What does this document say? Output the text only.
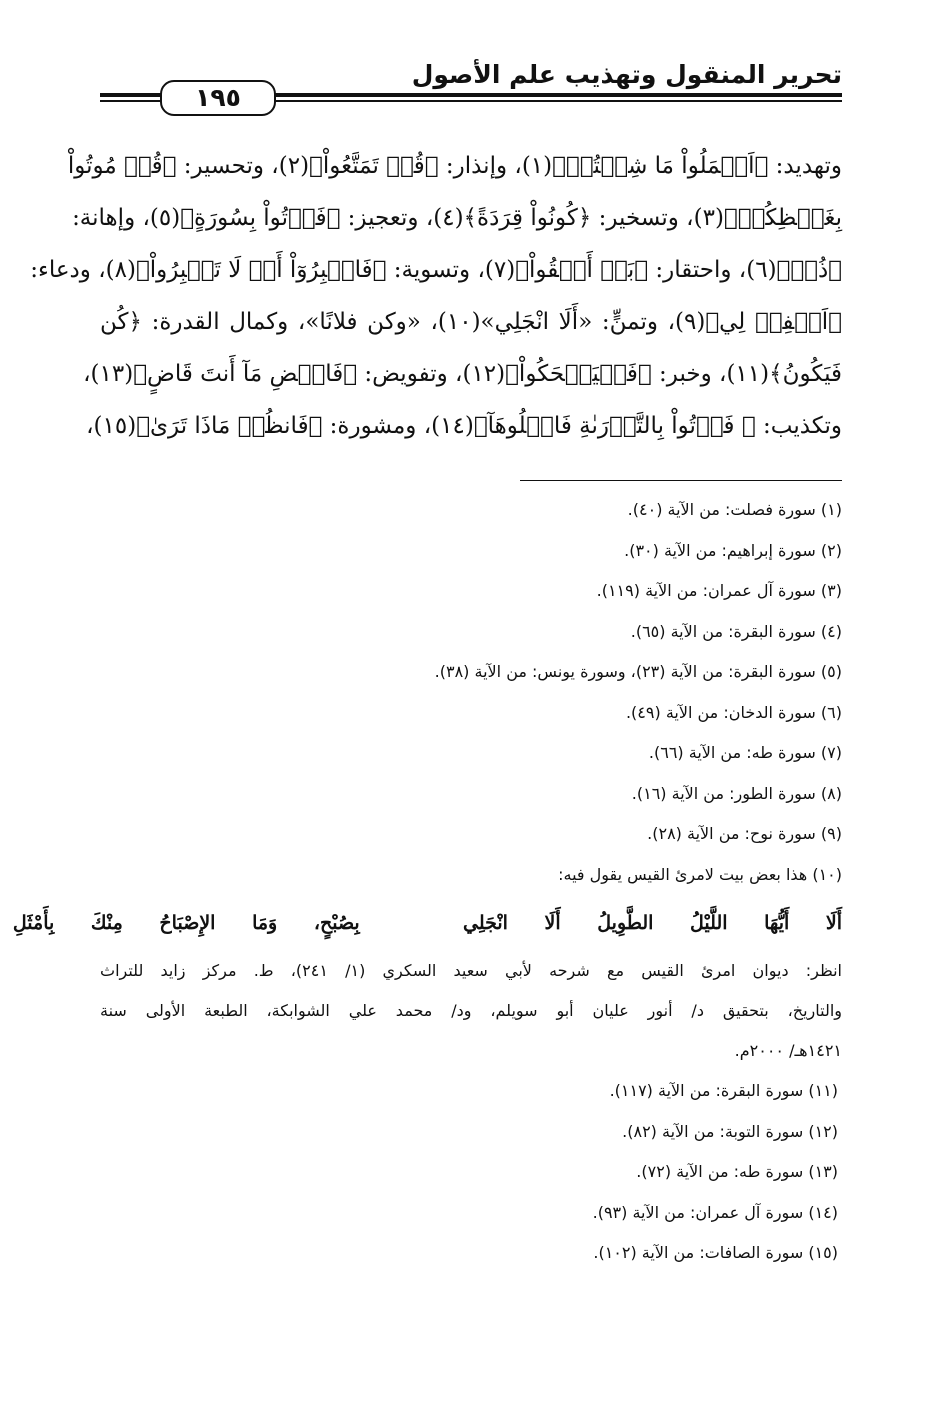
تحرير المنقول وتهذيب علم الأصول
١٩٥
وتهديد: ﴿اَعۡمَلُواْ مَا شِئۡتُمۡ﴾(١)، وإنذار: ﴿قُلۡ تَمَتَّعُواْ﴾(٢)، وتحسير: ﴿قُلۡ مُوتُواْ
بِغَيۡظِكُمۡ﴾(٣)، وتسخير: ﴿كُونُواْ قِرَدَةً﴾(٤)، وتعجيز: ﴿فَأۡتُواْ بِسُورَةٍ﴾(٥)، وإهانة:
﴿ذُقۡ﴾(٦)، واحتقار: ﴿بَلۡ أَلۡقُواْ﴾(٧)، وتسوية: ﴿فَاصۡبِرُوٓاْ أَوۡ لَا تَصۡبِرُواْ﴾(٨)، ودعاء:
﴿اَغۡفِرۡ لِي﴾(٩)، وتمنٍّ: «أَلَا انْجَلِي»(١٠)، «وكن فلانًا»، وكمال القدرة: ﴿كُن
فَيَكُونُ﴾(١١)، وخبر: ﴿فَلۡيَضۡحَكُواْ﴾(١٢)، وتفويض: ﴿فَاقۡضِ مَآ أَنتَ قَاضٍ﴾(١٣)،
وتكذيب: ﴿ فَأۡتُواْ بِالتَّوۡرَىٰةِ فَاتۡلُوهَآ﴾(١٤)، ومشورة: ﴿فَانظُرۡ مَاذَا تَرَىٰ﴾(١٥)،
(١) سورة فصلت: من الآية (٤٠).
(٢) سورة إبراهيم: من الآية (٣٠).
(٣) سورة آل عمران: من الآية (١١٩).
(٤) سورة البقرة: من الآية (٦٥).
(٥) سورة البقرة: من الآية (٢٣)، وسورة يونس: من الآية (٣٨).
(٦) سورة الدخان: من الآية (٤٩).
(٧) سورة طه: من الآية (٦٦).
(٨) سورة الطور: من الآية (١٦).
(٩) سورة نوح: من الآية (٢٨).
(١٠) هذا بعض بيت لامرئ القيس يقول فيه:
أَلَا أَيُّهَا اللَّيْلُ الطَّوِيلُ أَلَا انْجَلِي  بِصُبْحٍ، وَمَا الإِصْبَاحُ مِنْكَ بِأَمْثَلِ
انظر: ديوان امرئ القيس مع شرحه لأبي سعيد السكري (١/ ٢٤١)، ط. مركز زايد للتراث
والتاريخ، بتحقيق د/ أنور عليان أبو سويلم، ود/ محمد علي الشوابكة، الطبعة الأولى سنة
١٤٢١هـ/ ٢٠٠٠م.
(١١) سورة البقرة: من الآية (١١٧).
(١٢) سورة التوبة: من الآية (٨٢).
(١٣) سورة طه: من الآية (٧٢).
(١٤) سورة آل عمران: من الآية (٩٣).
(١٥) سورة الصافات: من الآية (١٠٢).
